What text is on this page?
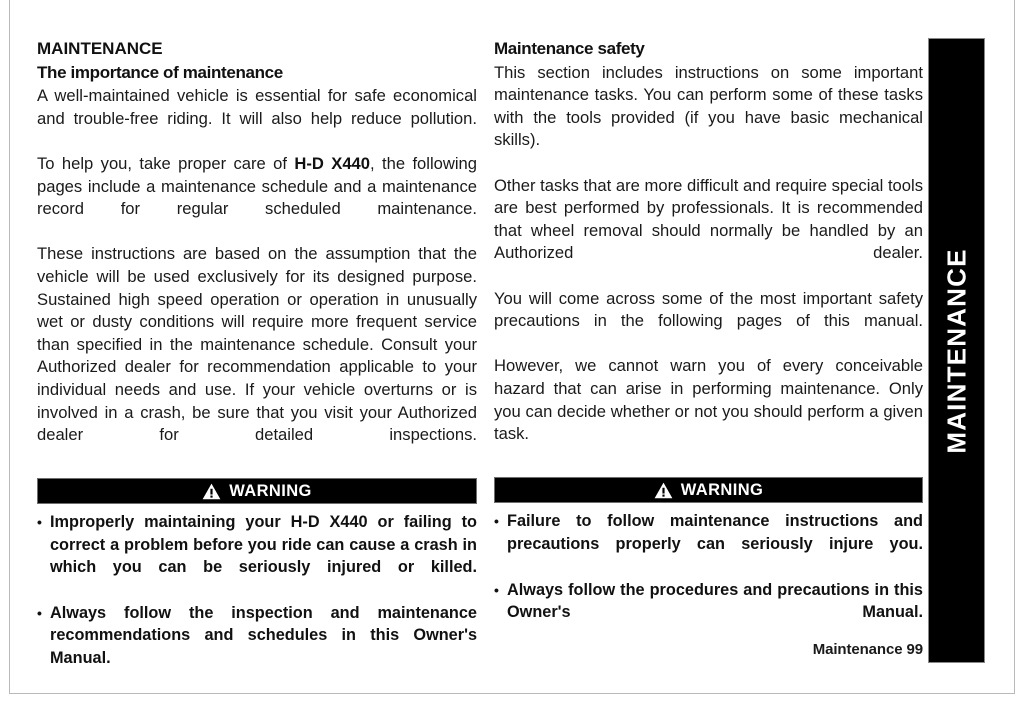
MAINTENANCE
The importance of maintenance

A well-maintained vehicle is essential for safe economical and trouble-free riding. It will also help reduce pollution.

To help you, take proper care of H-D X440, the following pages include a maintenance schedule and a maintenance record for regular scheduled maintenance.

These instructions are based on the assumption that the vehicle will be used exclusively for its designed purpose. Sustained high speed operation or operation in unusually wet or dusty conditions will require more frequent service than specified in the maintenance schedule. Consult your Authorized dealer for recommendation applicable to your individual needs and use. If your vehicle overturns or is involved in a crash, be sure that you visit your Authorized dealer for detailed inspections.

WARNING
• Improperly maintaining your H-D X440 or failing to correct a problem before you ride can cause a crash in which you can be seriously injured or killed.
• Always follow the inspection and maintenance recommendations and schedules in this Owner's Manual.
Maintenance safety

This section includes instructions on some important maintenance tasks. You can perform some of these tasks with the tools provided (if you have basic mechanical skills).

Other tasks that are more difficult and require special tools are best performed by professionals. It is recommended that wheel removal should normally be handled by an Authorized dealer.

You will come across some of the most important safety precautions in the following pages of this manual.

However, we cannot warn you of every conceivable hazard that can arise in performing maintenance. Only you can decide whether or not you should perform a given task.

WARNING
• Failure to follow maintenance instructions and precautions properly can seriously injure you.
• Always follow the procedures and precautions in this Owner's Manual.
Maintenance 99
MAINTENANCE
